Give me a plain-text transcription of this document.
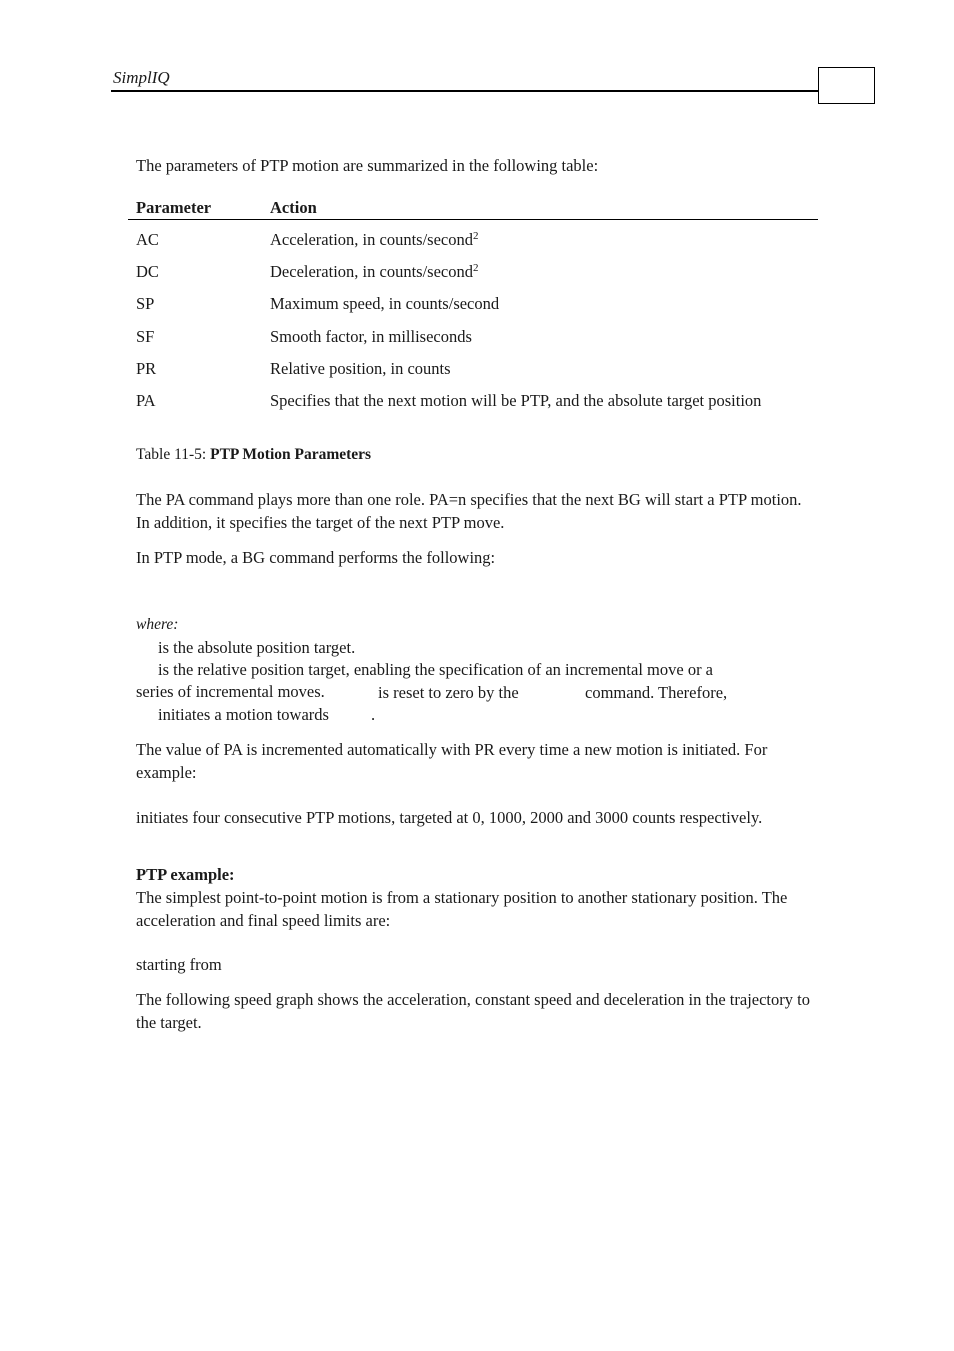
SimplIQ
The parameters of PTP motion are summarized in the following table:
Parameter	Action
AC	Acceleration, in counts/second$^2$
DC	Deceleration, in counts/second$^2$
SP	Maximum speed, in counts/second
SF	Smooth factor, in milliseconds
PR	Relative position, in counts
PA	Specifies that the next motion will be PTP, and the absolute target position
Table 11-5: PTP Motion Parameters
The PA command plays more than one role. PA=n specifies that the next BG will start a PTP motion. In addition, it specifies the target of the next PTP move.
In PTP mode, a BG command performs the following:
where:
is the absolute position target.
is the relative position target, enabling the specification of an incremental move or a
series of incremental moves.	is reset to zero by the	command. Therefore,
initiates a motion towards	.
The value of PA is incremented automatically with PR every time a new motion is initiated. For example:
initiates four consecutive PTP motions, targeted at 0, 1000, 2000 and 3000 counts respectively.
PTP example:
The simplest point-to-point motion is from a stationary position to another stationary position. The acceleration and final speed limits are:
starting from
The following speed graph shows the acceleration, constant speed and deceleration in the trajectory to the target.
